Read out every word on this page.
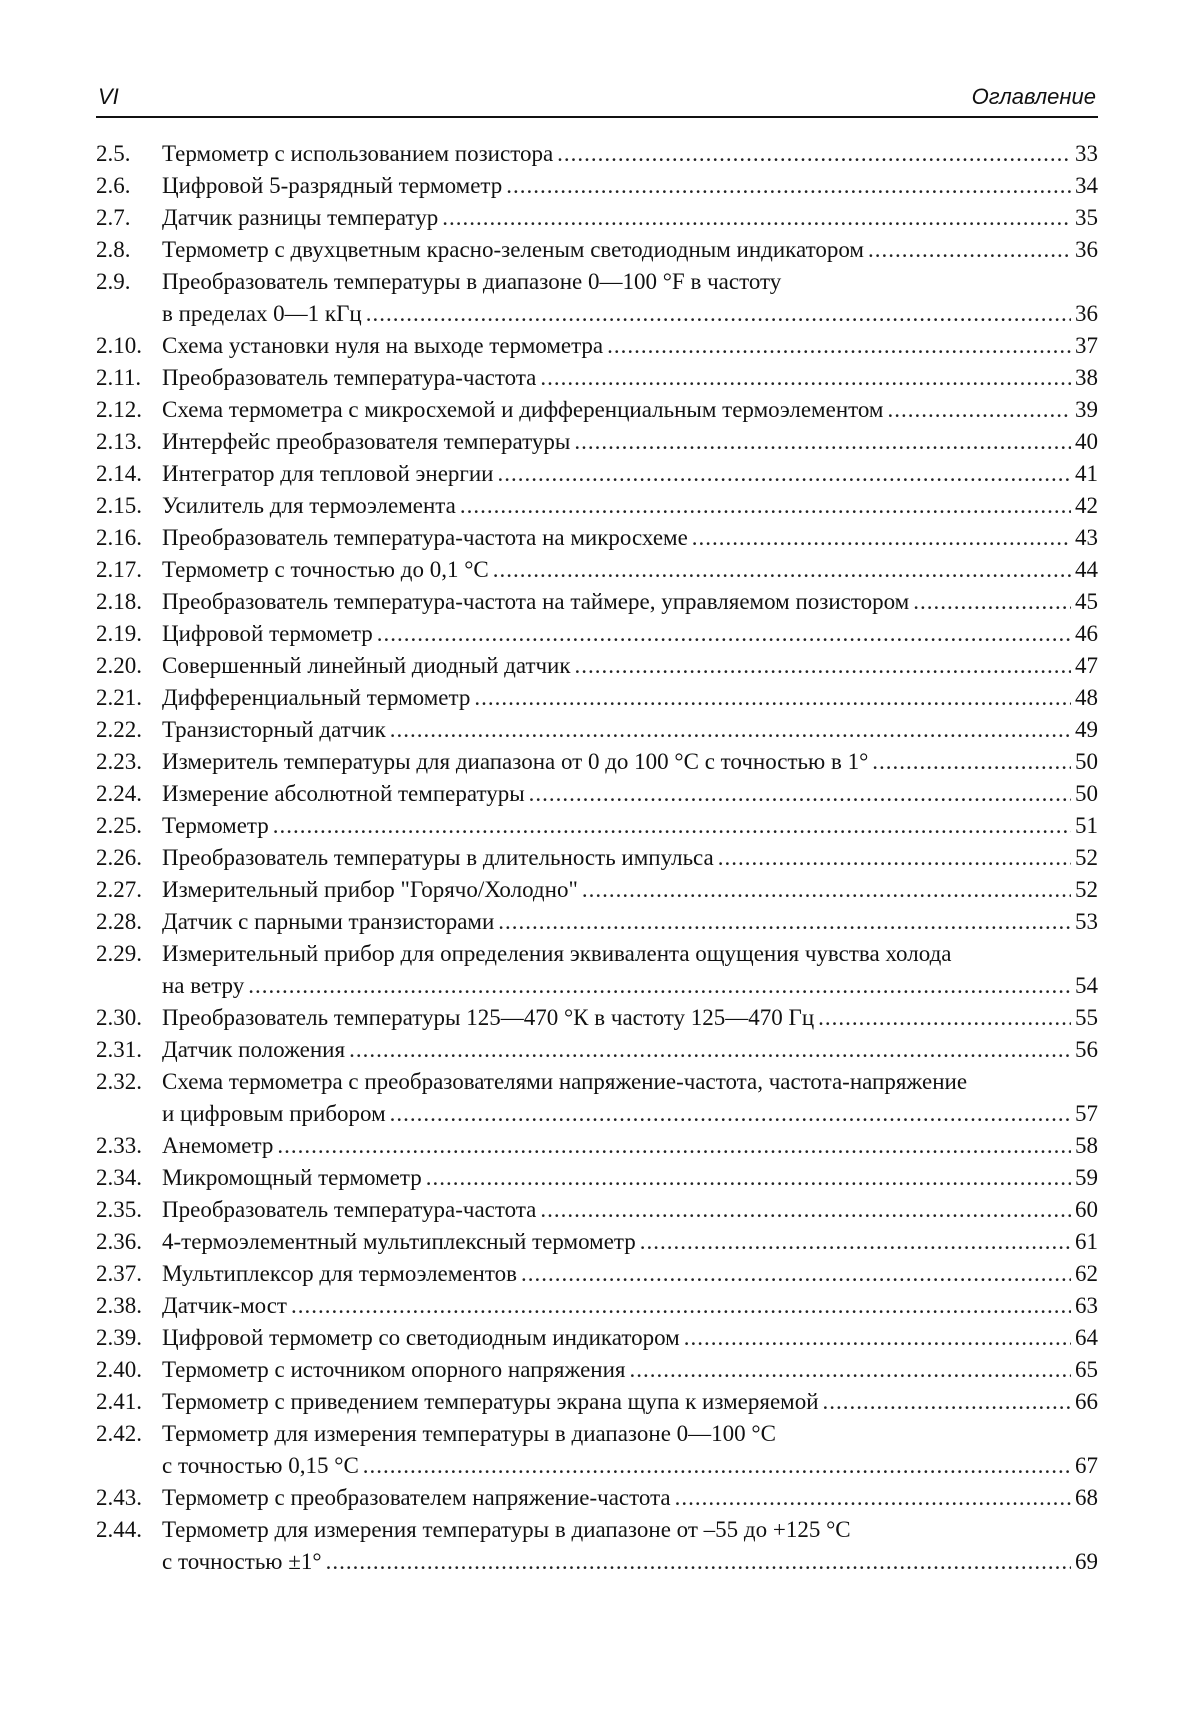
VI	Оглавление
2.5. Термометр с использованием позистора .....	33
2.6. Цифровой 5-разрядный термометр .....	34
2.7. Датчик разницы температур .....	35
2.8. Термометр с двухцветным красно-зеленым светодиодным индикатором .....	36
2.9. Преобразователь температуры в диапазоне 0—100 °F в частоту
в пределах 0—1 кГц .....	36
2.10. Схема установки нуля на выходе термометра .....	37
2.11. Преобразователь температура-частота .....	38
2.12. Схема термометра с микросхемой и дифференциальным термоэлементом .....	39
2.13. Интерфейс преобразователя температуры .....	40
2.14. Интегратор для тепловой энергии .....	41
2.15. Усилитель для термоэлемента .....	42
2.16. Преобразователь температура-частота на микросхеме .....	43
2.17. Термометр с точностью до 0,1 °С .....	44
2.18. Преобразователь температура-частота на таймере, управляемом позистором .....	45
2.19. Цифровой термометр .....	46
2.20. Совершенный линейный диодный датчик .....	47
2.21. Дифференциальный термометр .....	48
2.22. Транзисторный датчик .....	49
2.23. Измеритель температуры для диапазона от 0 до 100 °С с точностью в 1° .....	50
2.24. Измерение абсолютной температуры .....	50
2.25. Термометр .....	51
2.26. Преобразователь температуры в длительность импульса .....	52
2.27. Измерительный прибор "Горячо/Холодно" .....	52
2.28. Датчик с парными транзисторами .....	53
2.29. Измерительный прибор для определения эквивалента ощущения чувства холода
на ветру .....	54
2.30. Преобразователь температуры 125—470 °К в частоту 125—470 Гц .....	55
2.31. Датчик положения .....	56
2.32. Схема термометра с преобразователями напряжение-частота, частота-напряжение
и цифровым прибором .....	57
2.33. Анемометр .....	58
2.34. Микромощный термометр .....	59
2.35. Преобразователь температура-частота .....	60
2.36. 4-термоэлементный мультиплексный термометр .....	61
2.37. Мультиплексор для термоэлементов .....	62
2.38. Датчик-мост .....	63
2.39. Цифровой термометр со светодиодным индикатором .....	64
2.40. Термометр с источником опорного напряжения .....	65
2.41. Термометр с приведением температуры экрана щупа к измеряемой .....	66
2.42. Термометр для измерения температуры в диапазоне 0—100 °С
с точностью 0,15 °С .....	67
2.43. Термометр с преобразователем напряжение-частота .....	68
2.44. Термометр для измерения температуры в диапазоне от –55 до +125 °С
с точностью ±1° .....	69
